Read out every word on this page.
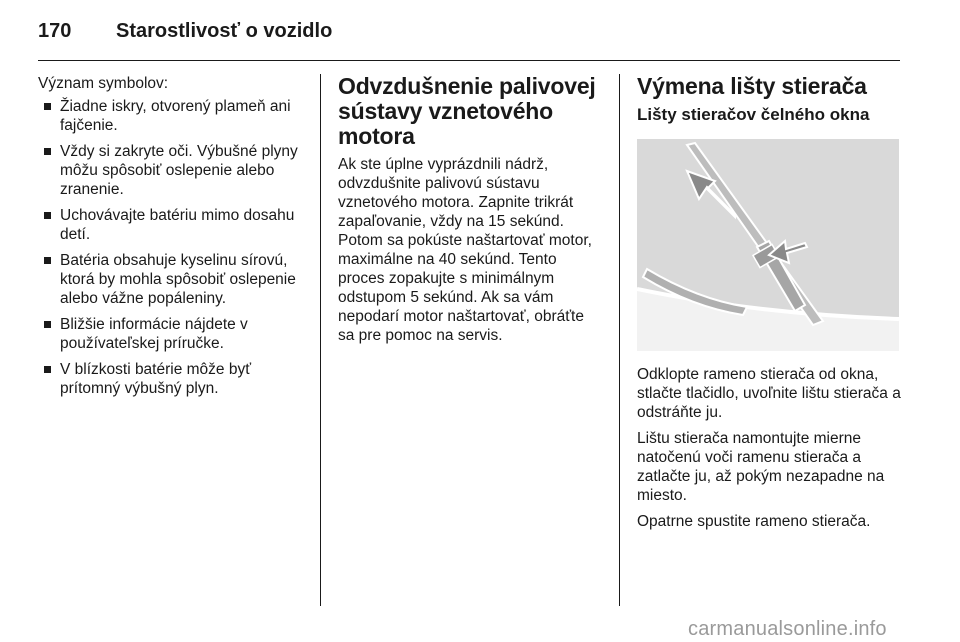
170	Starostlivosť o vozidlo

Význam symbolov:

Žiadne iskry, otvorený plameň ani fajčenie.
Vždy si zakryte oči. Výbušné plyny môžu spôsobiť oslepenie alebo zranenie.
Uchovávajte batériu mimo dosahu detí.
Batéria obsahuje kyselinu sírovú, ktorá by mohla spôsobiť oslepenie alebo vážne popáleniny.
Bližšie informácie nájdete v používateľskej príručke.
V blízkosti batérie môže byť prítomný výbušný plyn.
Odvzdušnenie palivovej sústavy vznetového motora

Ak ste úplne vyprázdnili nádrž, odvzdušnite palivovú sústavu vznetového motora. Zapnite trikrát zapaľovanie, vždy na 15 sekúnd. Potom sa pokúste naštartovať motor, maximálne na 40 sekúnd. Tento proces zopakujte s minimálnym odstupom 5 sekúnd. Ak sa vám nepodarí motor naštartovať, obráťte sa pre pomoc na servis.

Výmena lišty stierača
Lišty stieračov čelného okna

Odklopte rameno stierača od okna, stlačte tlačidlo, uvoľnite lištu stierača a odstráňte ju.

Lištu stierača namontujte mierne natočenú voči ramenu stierača a zatlačte ju, až pokým nezapadne na miesto.

Opatrne spustite rameno stierača.

carmanualsonline.info
